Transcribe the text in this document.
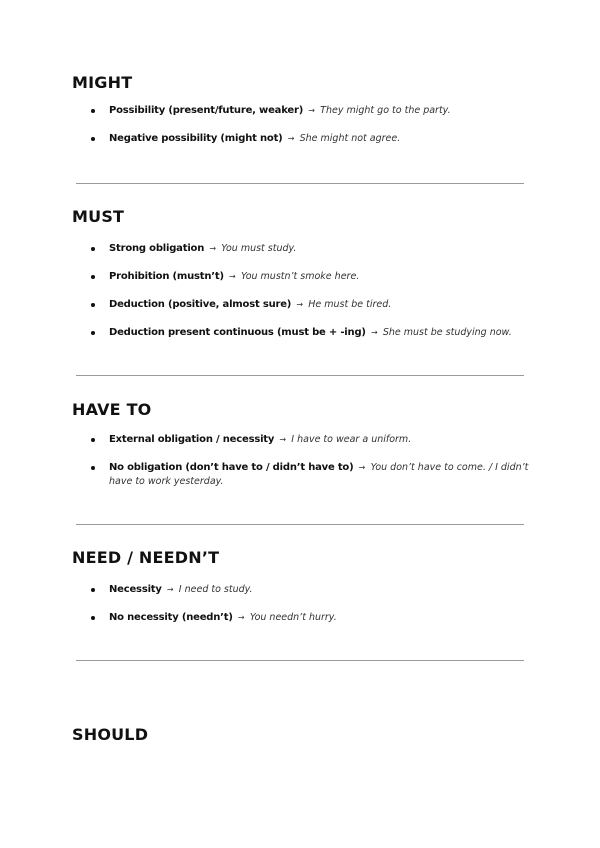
MIGHT
Possibility (present/future, weaker) → They might go to the party.
Negative possibility (might not) → She might not agree.
MUST
Strong obligation → You must study.
Prohibition (mustn’t) → You mustn’t smoke here.
Deduction (positive, almost sure) → He must be tired.
Deduction present continuous (must be + -ing) → She must be studying now.
HAVE TO
External obligation / necessity → I have to wear a uniform.
No obligation (don’t have to / didn’t have to) → You don’t have to come. / I didn’t have to work yesterday.
NEED / NEEDN’T
Necessity → I need to study.
No necessity (needn’t) → You needn’t hurry.
SHOULD
